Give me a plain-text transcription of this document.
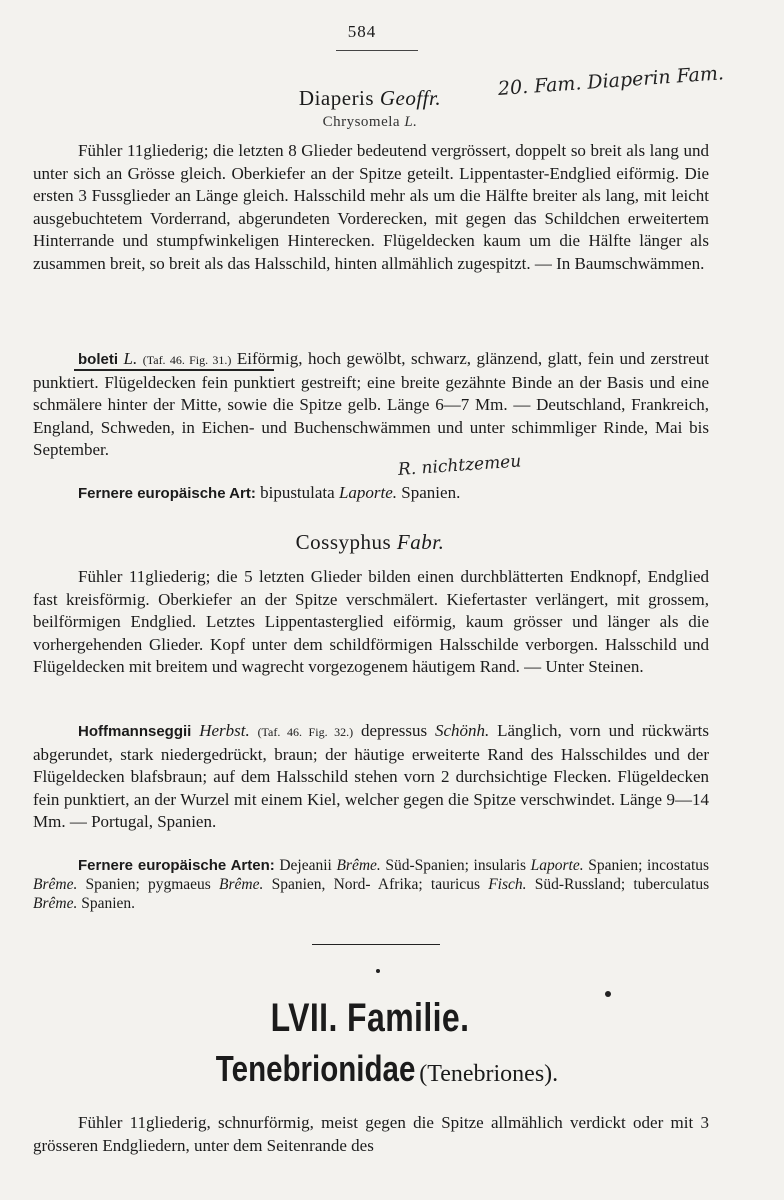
584
Diaperis Geoffr.
Chrysomela L.
20. Fam. Diaperin Fam.

Fühler 11gliederig; die letzten 8 Glieder bedeutend vergrössert, doppelt so breit als lang und unter sich an Grösse gleich. Oberkiefer an der Spitze geteilt. Lippentaster-Endglied eiförmig. Die ersten 3 Fussglieder an Länge gleich. Halsschild mehr als um die Hälfte breiter als lang, mit leicht ausgebuchtetem Vorderrand, abgerundeten Vorderecken, mit gegen das Schildchen erweitertem Hinterrande und stumpfwinkeligen Hinterecken. Flügeldecken kaum um die Hälfte länger als zusammen breit, so breit als das Halsschild, hinten allmählich zugespitzt. — In Baumschwämmen.

boleti L. (Taf. 46. Fig. 31.) Eiförmig, hoch gewölbt, schwarz, glänzend, glatt, fein und zerstreut punktiert. Flügeldecken fein punktiert gestreift; eine breite gezähnte Binde an der Basis und eine schmälere hinter der Mitte, sowie die Spitze gelb. Länge 6—7 Mm. — Deutschland, Frankreich, England, Schweden, in Eichen- und Buchenschwämmen und unter schimmliger Rinde, Mai bis September.

R. nichtzemeu

Fernere europäische Art: bipustulata Laporte. Spanien.

Cossyphus Fabr.

Fühler 11gliederig; die 5 letzten Glieder bilden einen durchblätterten Endknopf, Endglied fast kreisförmig. Oberkiefer an der Spitze verschmälert. Kiefertaster verlängert, mit grossem, beilförmigen Endglied. Letztes Lippentasterglied eiförmig, kaum grösser und länger als die vorhergehenden Glieder. Kopf unter dem schildförmigen Halsschilde verborgen. Halsschild und Flügeldecken mit breitem und wagrecht vorgezogenem häutigem Rand. — Unter Steinen.

Hoffmannseggii Herbst. (Taf. 46. Fig. 32.) depressus Schönh. Länglich, vorn und rückwärts abgerundet, stark niedergedrückt, braun; der häutige erweiterte Rand des Halsschildes und der Flügeldecken blafsbraun; auf dem Halsschild stehen vorn 2 durchsichtige Flecken. Flügeldecken fein punktiert, an der Wurzel mit einem Kiel, welcher gegen die Spitze verschwindet. Länge 9—14 Mm. — Portugal, Spanien.

Fernere europäische Arten: Dejeanii Brême. Süd-Spanien; insularis Laporte. Spanien; incostatus Brême. Spanien; pygmaeus Brême. Spanien, Nord- Afrika; tauricus Fisch. Süd-Russland; tuberculatus Brême. Spanien.

LVII. Familie.
Tenebrionidae (Tenebriones).

Fühler 11gliederig, schnurförmig, meist gegen die Spitze allmählich verdickt oder mit 3 grösseren Endgliedern, unter dem Seitenrande des
